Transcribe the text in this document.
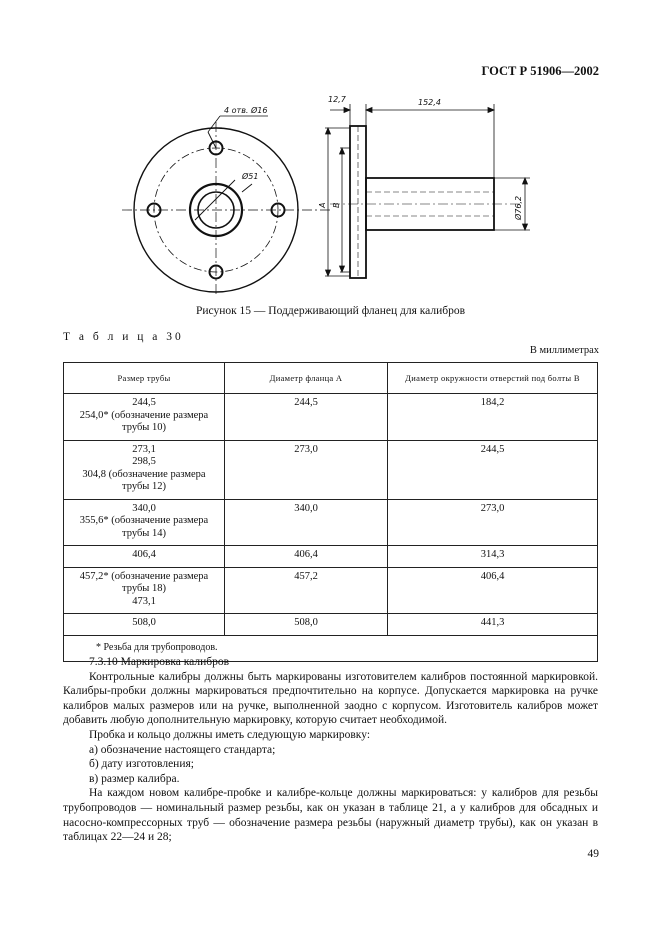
ГОСТ Р 51906—2002
4 отв. Ø16
Ø51
12,7	152,4
Ø76,2
A B
Рисунок 15 — Поддерживающий фланец для калибров
Т а б л и ц а 30
В миллиметрах
Размер трубы	Диаметр фланца A	Диаметр окружности отверстий под болты B

244,5
254,0* (обозначение размера
трубы 10)	244,5	184,2

273,1
298,5
304,8 (обозначение размера
трубы 12)	273,0	244,5

340,0
355,6* (обозначение размера
трубы 14)	340,0	273,0

406,4	406,4	314,3

457,2* (обозначение размера
трубы 18)
473,1	457,2	406,4

508,0	508,0	441,3
* Резьба для трубопроводов.		

7.3.10 Маркировка калибров

Контрольные калибры должны быть маркированы изготовителем калибров постоянной маркировкой. Калибры-пробки должны маркироваться предпочтительно на корпусе. Допускается маркировка на ручке калибров малых размеров или на ручке, выполненной заодно с корпусом. Изготовитель калибров может добавить любую дополнительную маркировку, которую считает необходимой.

Пробка и кольцо должны иметь следующую маркировку:

а) обозначение настоящего стандарта;

б) дату изготовления;

в) размер калибра.

На каждом новом калибре-пробке и калибре-кольце должны маркироваться: у калибров для резьбы трубопроводов — номинальный размер резьбы, как он указан в таблице 21, а у калибров для обсадных и насосно-компрессорных труб — обозначение размера резьбы (наружный диаметр трубы), как он указан в таблицах 22—24 и 28;

49
